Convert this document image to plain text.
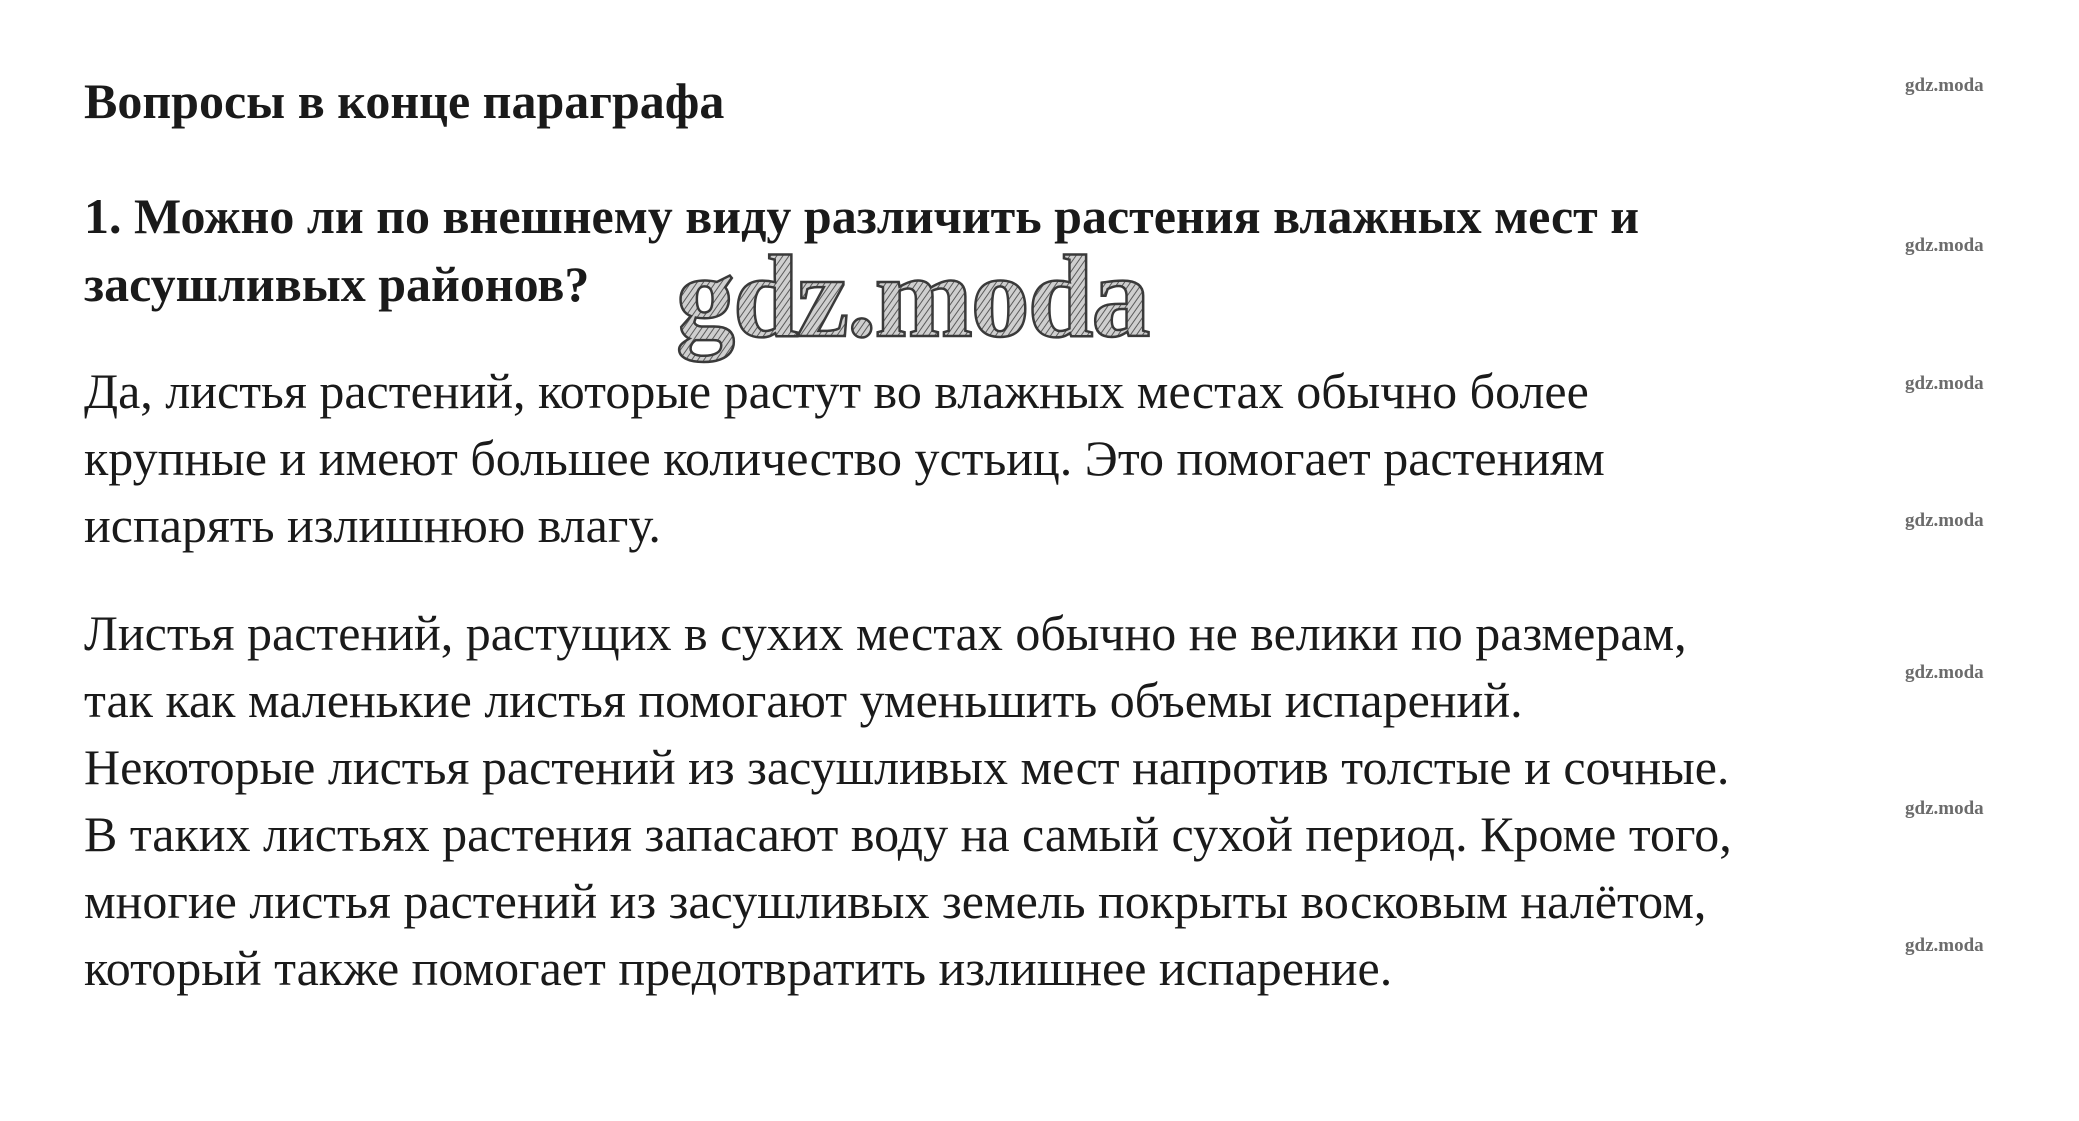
Вопросы в конце параграфа

1. Можно ли по внешнему виду различить растения влажных мест и
засушливых районов?

Да, листья растений, которые растут во влажных местах обычно более
крупные и имеют большее количество устьиц. Это помогает растениям
испарять излишнюю влагу.

Листья растений, растущих в сухих местах обычно не велики по размерам,
так как маленькие листья помогают уменьшить объемы испарений.
Некоторые листья растений из засушливых мест напротив толстые и сочные.
В таких листьях растения запасают воду на самый сухой период. Кроме того,
многие листья растений из засушливых земель покрыты восковым налётом,
который также помогает предотвратить излишнее испарение.

gdz.moda
gdz.moda
gdz.moda
gdz.moda
gdz.moda
gdz.moda
gdz.moda
gdz.moda
